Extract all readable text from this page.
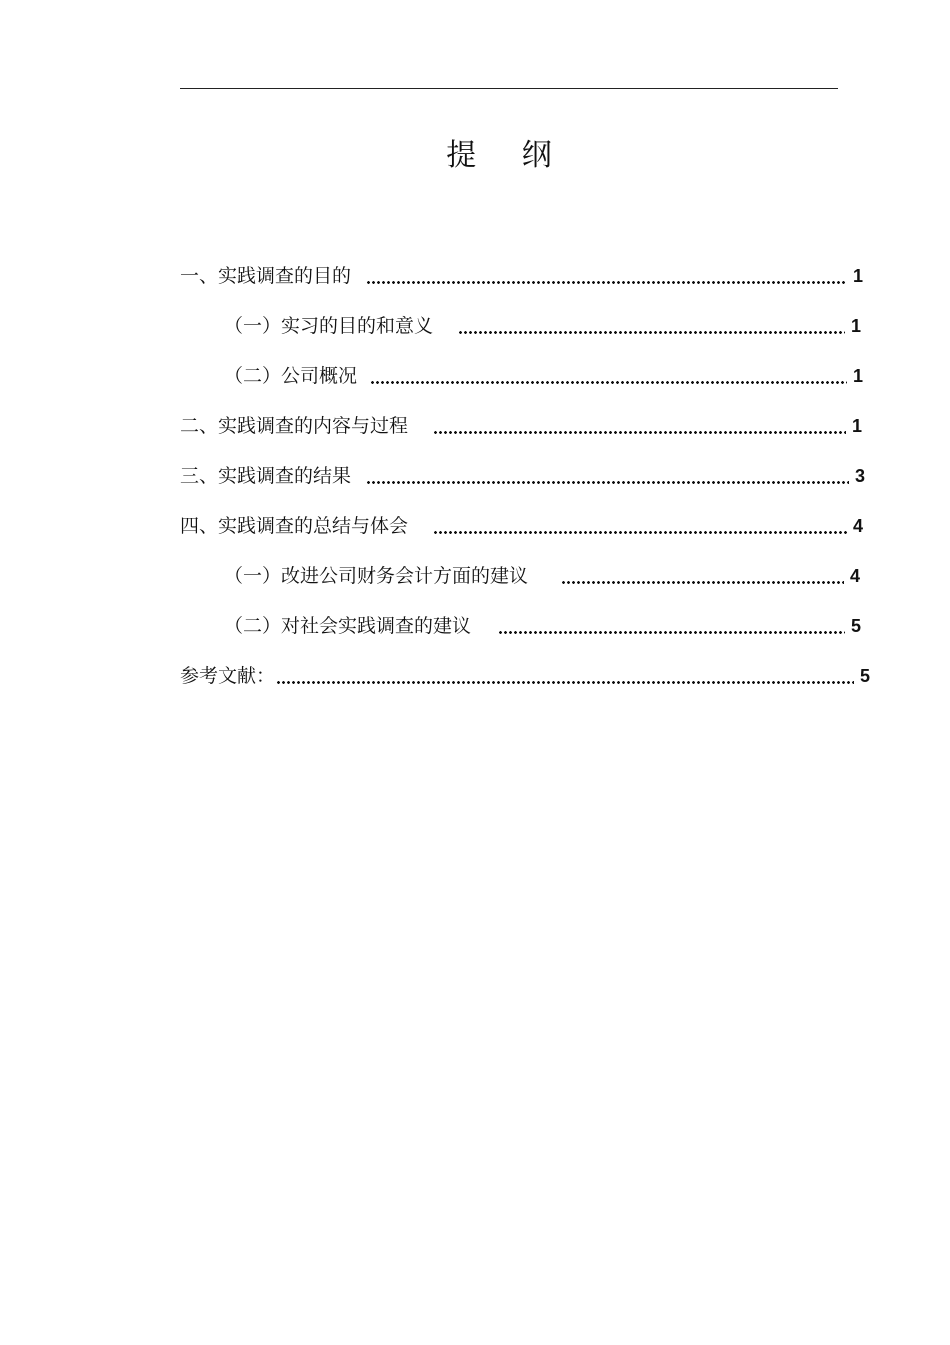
提 纲
一、实践调查的目的	1
（一）实习的目的和意义	1
（二）公司概况	1
二、实践调查的内容与过程	1
三、实践调查的结果	3
四、实践调查的总结与体会	4
（一）改进公司财务会计方面的建议	4
（二）对社会实践调查的建议	5
参考文献：	5
